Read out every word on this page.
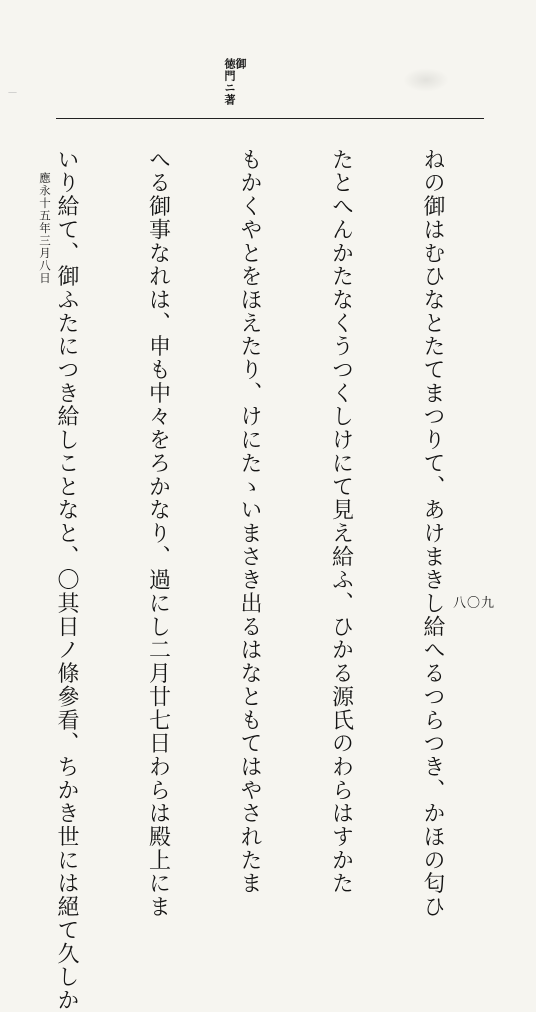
—
御
徳門ニ著

ねの御はむひなとたてまつりて、あけまきし給へるつらつき、かほの匂ひ

たとへんかたなくうつくしけにて見え給ふ、ひかる源氏のわらはすかた

もかくやとをほえたり、けにたゝいまさき出るはなともてはやされたま

へる御事なれは、申も中々をろかなり、過にし二月廿七日わらは殿上にま

いり給て、御ふたにつき給しことなと、〇其日ノ條參看、ちかき世には絕て久しか

應永十五年三月八日
八〇九
